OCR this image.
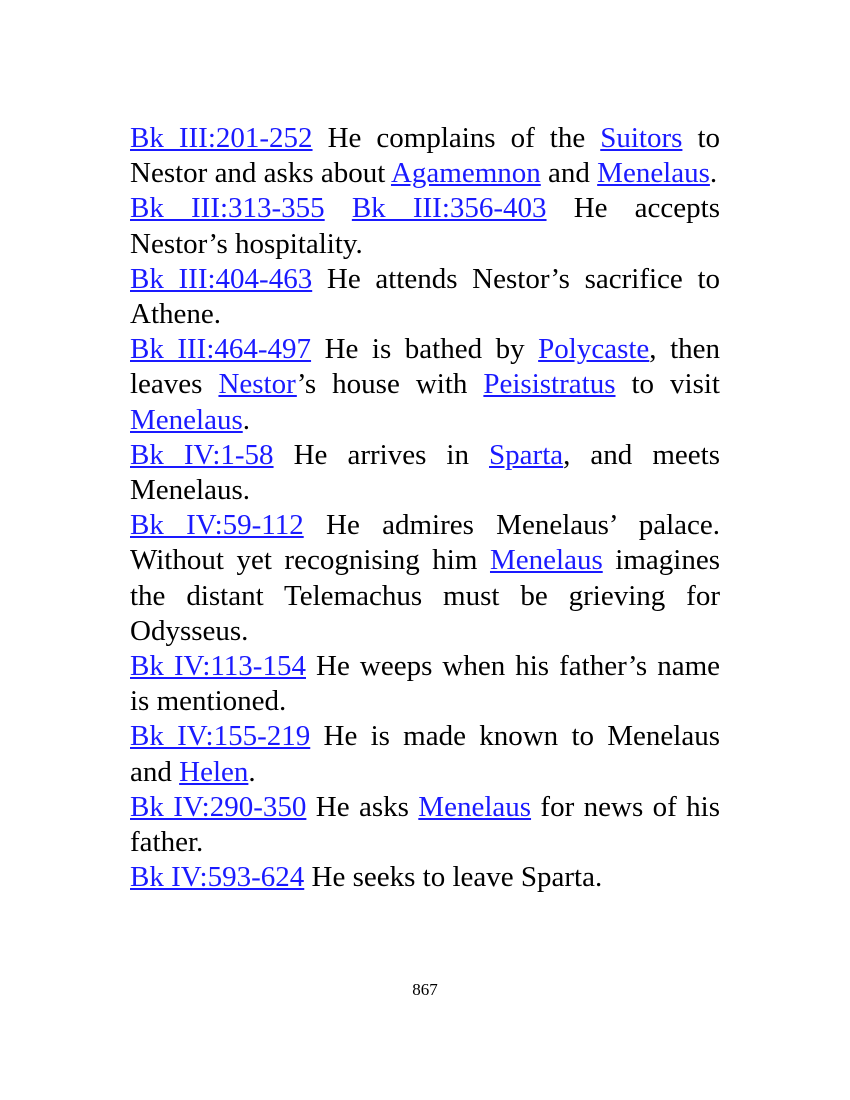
Bk III:201-252 He complains of the Suitors to Nestor and asks about Agamemnon and Menelaus.

Bk III:313-355 Bk III:356-403 He accepts Nestor’s hospitality.

Bk III:404-463 He attends Nestor’s sacrifice to Athene.

Bk III:464-497 He is bathed by Polycaste, then leaves Nestor’s house with Peisistratus to visit Menelaus.

Bk IV:1-58 He arrives in Sparta, and meets Menelaus.

Bk IV:59-112 He admires Menelaus’ palace. Without yet recognising him Menelaus imagines the distant Telemachus must be grieving for Odysseus.

Bk IV:113-154 He weeps when his father’s name is mentioned.

Bk IV:155-219 He is made known to Menelaus and Helen.

Bk IV:290-350 He asks Menelaus for news of his father.

Bk IV:593-624 He seeks to leave Sparta.

867
